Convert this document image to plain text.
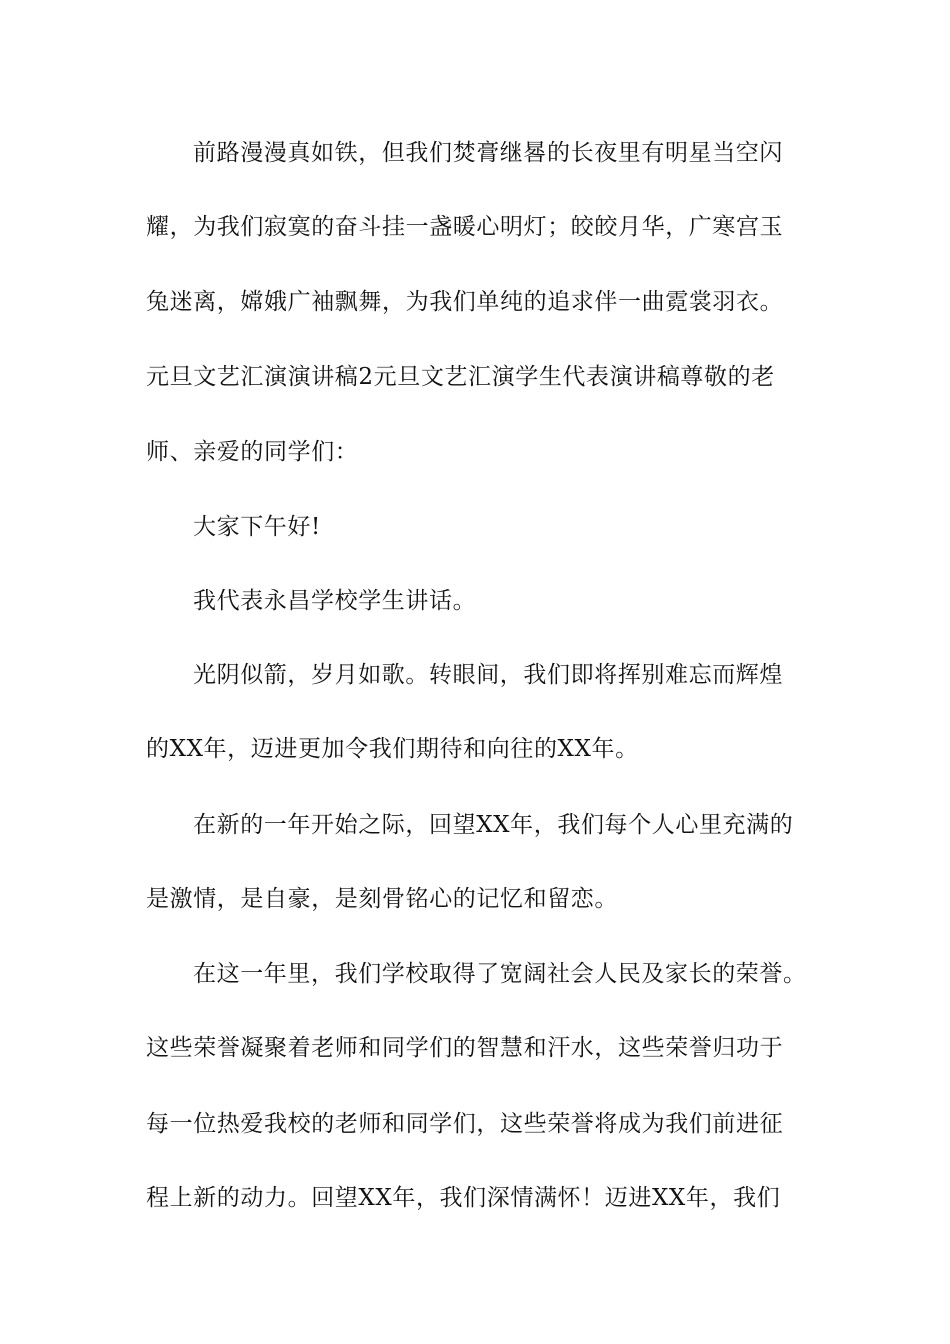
前路漫漫真如铁，但我们焚膏继晷的长夜里有明星当空闪
耀，为我们寂寞的奋斗挂一盏暖心明灯；皎皎月华，广寒宫玉
兔迷离，嫦娥广袖飘舞，为我们单纯的追求伴一曲霓裳羽衣。
元旦文艺汇演演讲稿2元旦文艺汇演学生代表演讲稿尊敬的老
师、亲爱的同学们：
大家下午好!
我代表永昌学校学生讲话。
光阴似箭，岁月如歌。转眼间，我们即将挥别难忘而辉煌
的XX年，迈进更加令我们期待和向往的XX年。
在新的一年开始之际，回望XX年，我们每个人心里充满的
是激情，是自豪，是刻骨铭心的记忆和留恋。
在这一年里，我们学校取得了宽阔社会人民及家长的荣誉。
这些荣誉凝聚着老师和同学们的智慧和汗水，这些荣誉归功于
每一位热爱我校的老师和同学们，这些荣誉将成为我们前进征
程上新的动力。回望XX年，我们深情满怀！迈进XX年，我们
